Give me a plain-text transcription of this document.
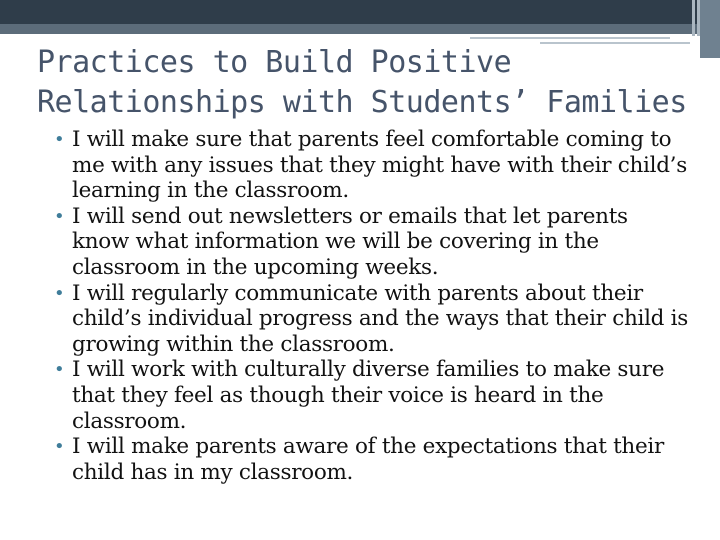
Practices to Build Positive
Relationships with Students’ Families
• I will make sure that parents feel comfortable coming to me with any issues that they might have with their child’s learning in the classroom.
• I will send out newsletters or emails that let parents know what information we will be covering in the classroom in the upcoming weeks.
• I will regularly communicate with parents about their child’s individual progress and the ways that their child is growing within the classroom.
• I will work with culturally diverse families to make sure that they feel as though their voice is heard in the classroom.
• I will make parents aware of the expectations that their child has in my classroom.
